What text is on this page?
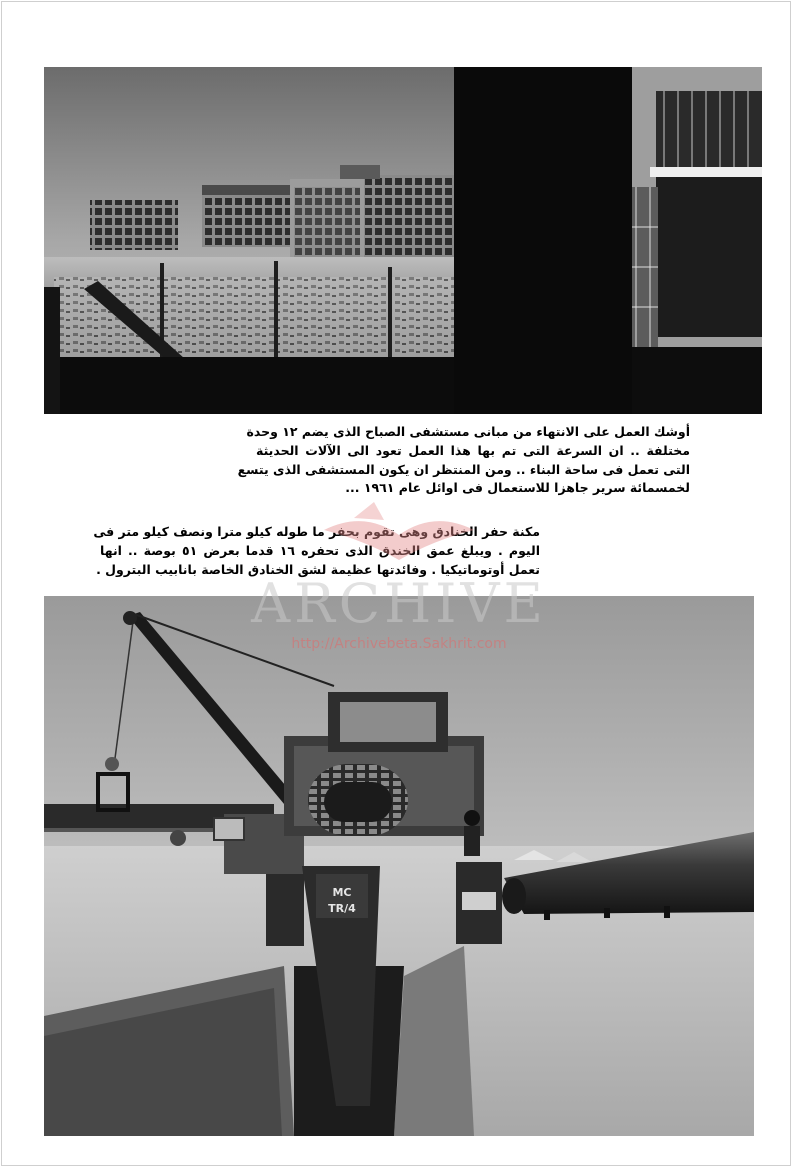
أوشك العمل على الانتهاء من مبانى مستشفى الصباح الذى يضم ١٢ وحدة
مختلفة .. ان السرعة التى تم بها هذا العمل تعود الى الآلات الحديثة
التى تعمل فى ساحة البناء .. ومن المنتظر ان يكون المستشفى الذى يتسع
لخمسمائة سرير جاهزا للاستعمال فى اوائل عام ١٩٦١ ...
مكنة حفر الخنادق وهى تقوم بحفر ما طوله كيلو مترا ونصف كيلو متر فى
اليوم . ويبلغ عمق الخندق الذى تحفره ١٦ قدما بعرض ٥١ بوصة .. انها
تعمل أوتوماتيكيا . وفائدتها عظيمة لشق الخنادق الخاصة بانابيب البترول .
MC
TR/4
ARCHIVE
http://Archivebeta.Sakhrit.com
